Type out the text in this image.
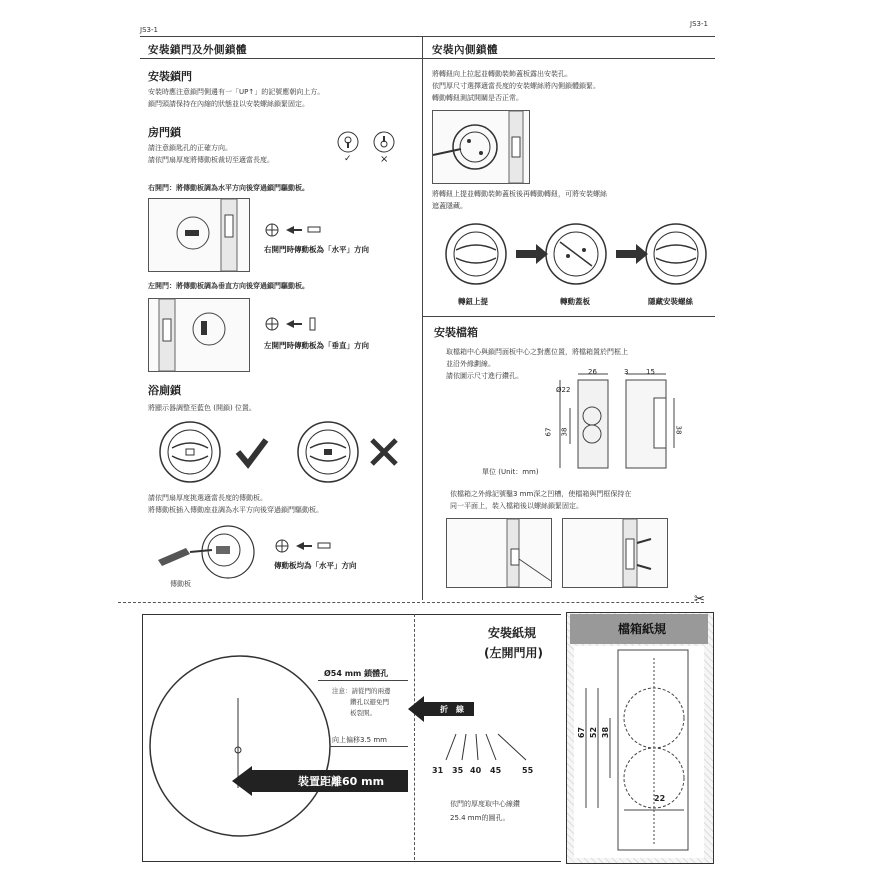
JS3-1
JS3-1
安裝鎖門及外側鎖體
安裝鎖門
安裝時應注意鎖閂側邊有一「UP↑」的記號應朝向上方。
鎖閂頭請保持在內縮的狀態並以安裝螺絲鎖緊固定。
房門鎖
請注意鎖匙孔的正確方向。
請依門扇厚度將傳動板裁切至適當長度。	✓	×
右開門：將傳動板調為水平方向後穿過鎖門驅動板。
右開門時傳動板為「水平」方向
左開門：將傳動板調為垂直方向後穿過鎖門驅動板。
左開門時傳動板為「垂直」方向
浴廁鎖
將顯示器調整至藍色 (開鎖) 位置。
請依門扇厚度挑選適當長度的傳動板。
將傳動板插入傳動座並調為水平方向後穿過鎖門驅動板。
傳動板
傳動板均為「水平」方向
安裝內側鎖體
將轉鈕向上拉起並轉動裝飾蓋板露出安裝孔。
依門厚尺寸選擇適當長度的安裝螺絲將內側鎖體鎖緊。
轉動轉鈕測試開關是否正常。
將轉鈕上提並轉動裝飾蓋板後再轉動轉鈕，可將安裝螺絲
遮蓋隱藏。
轉鈕上提	轉動蓋板	隱藏安裝螺絲
安裝檔箱
取檔箱中心與鎖閂面板中心之對應位置，將檔箱置於門框上
並沿外緣劃線。
請依圖示尺寸進行鑽孔。	26	3	15
Ø22
67 38	38
單位 (Unit：mm)
依檔箱之外緣記號鑿3 mm深之凹槽，使檔箱與門框保持在
同一平面上，裝入檔箱後以螺絲鎖緊固定。
✂
安裝紙規
(左開門用)
Ø54 mm 鎖體孔
注意：請從門的兩邊
鑽孔以避免門
板裂開。	折　線
向上偏移3.5 mm
裝置距離60 mm
31 35 40 45	55
依門的厚度取中心線鑽
25.4 mm的圓孔。
檔箱紙規
67 52 38
22
